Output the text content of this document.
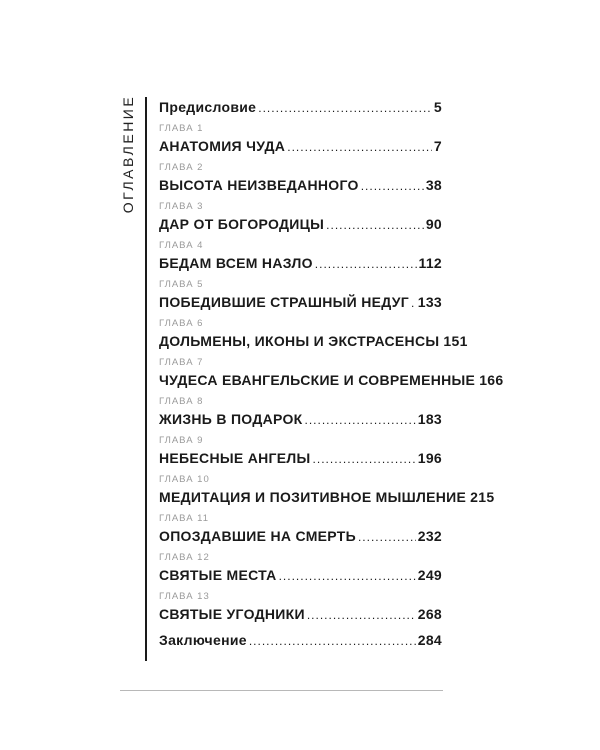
ОГЛАВЛЕНИЕ Предисловие .....	5
ГЛАВА 1
АНАТОМИЯ ЧУДА .....	7
ГЛАВА 2
ВЫСОТА НЕИЗВЕДАННОГО .....	38
ГЛАВА 3
ДАР ОТ БОГОРОДИЦЫ .....	90
ГЛАВА 4
БЕДАМ ВСЕМ НАЗЛО .....	112
ГЛАВА 5
ПОБЕДИВШИЕ СТРАШНЫЙ НЕДУГ ..... 133
ГЛАВА 6
ДОЛЬМЕНЫ, ИКОНЫ И ЭКСТРАСЕНСЫ 151
ГЛАВА 7
ЧУДЕСА ЕВАНГЕЛЬСКИЕ И СОВРЕМЕННЫЕ 166
ГЛАВА 8
ЖИЗНЬ В ПОДАРОК .....	183
ГЛАВА 9
НЕБЕСНЫЕ АНГЕЛЫ .....	196
ГЛАВА 10
МЕДИТАЦИЯ И ПОЗИТИВНОЕ МЫШЛЕНИЕ 215
ГЛАВА 11
ОПОЗДАВШИЕ НА СМЕРТЬ .....	232
ГЛАВА 12
СВЯТЫЕ МЕСТА .....	249
ГЛАВА 13
СВЯТЫЕ УГОДНИКИ .....	268
Заключение .....	284
